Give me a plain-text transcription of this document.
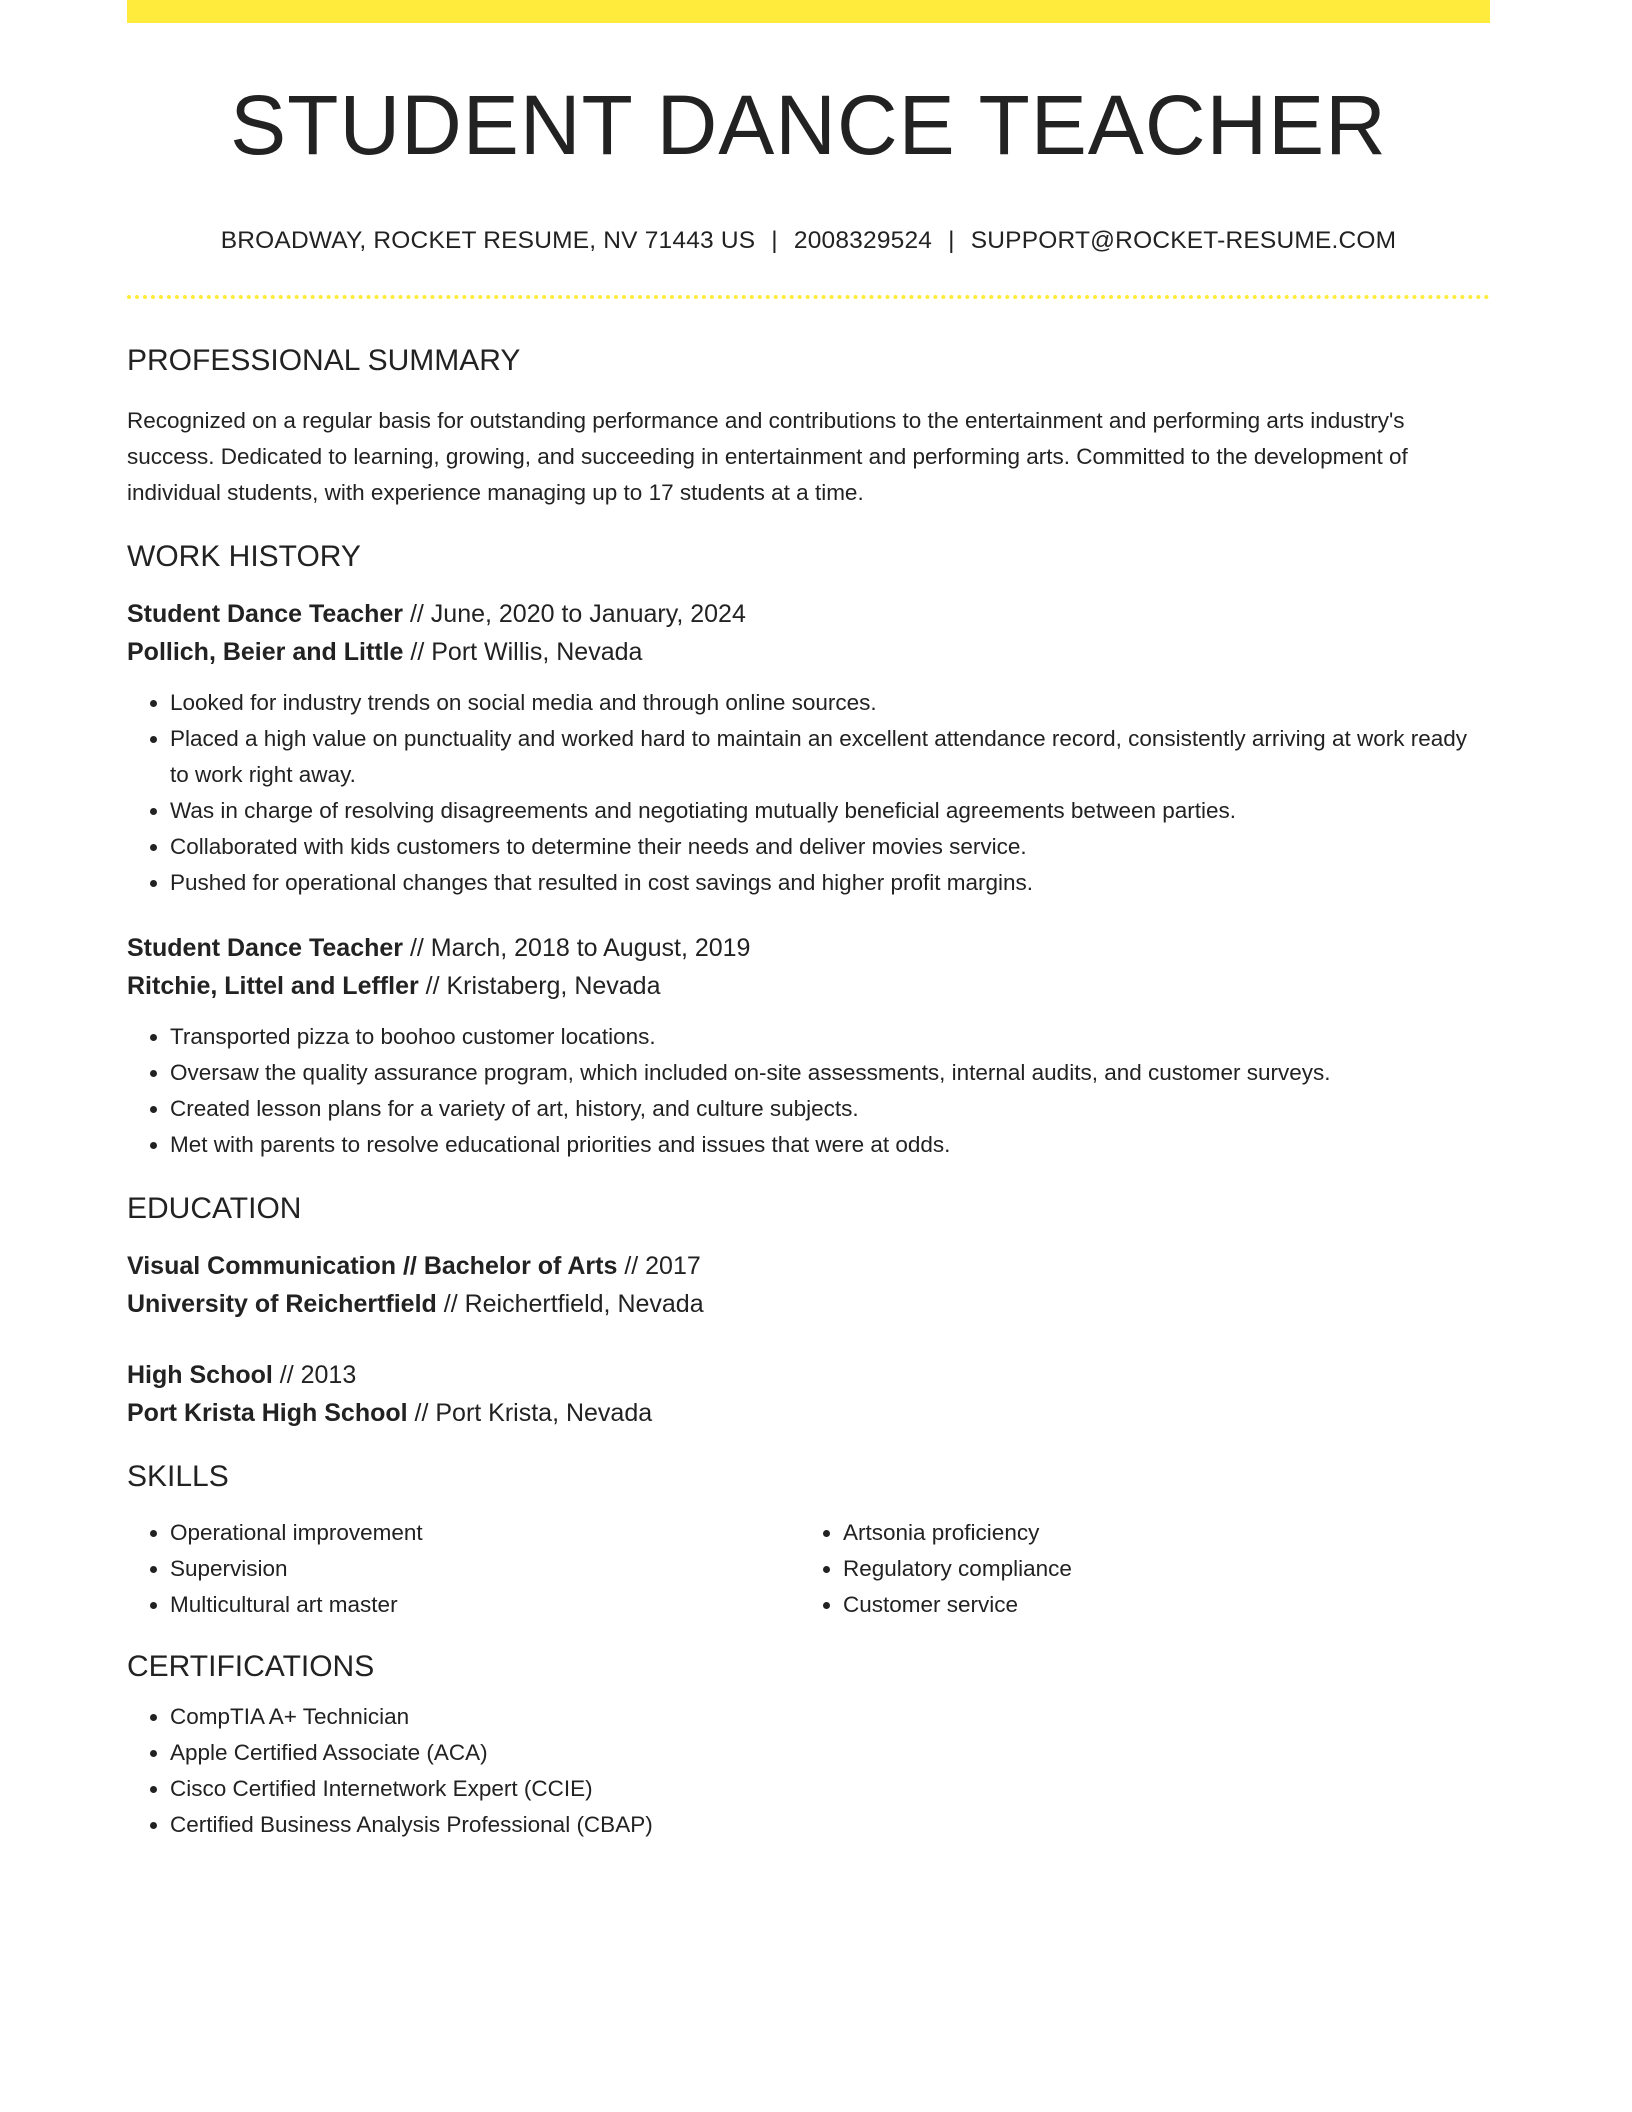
STUDENT DANCE TEACHER
BROADWAY, ROCKET RESUME, NV 71443 US | 2008329524 | SUPPORT@ROCKET-RESUME.COM
PROFESSIONAL SUMMARY
Recognized on a regular basis for outstanding performance and contributions to the entertainment and performing arts industry's success. Dedicated to learning, growing, and succeeding in entertainment and performing arts. Committed to the development of individual students, with experience managing up to 17 students at a time.
WORK HISTORY
Student Dance Teacher // June, 2020 to January, 2024
Pollich, Beier and Little // Port Willis, Nevada
• Looked for industry trends on social media and through online sources.
• Placed a high value on punctuality and worked hard to maintain an excellent attendance record, consistently arriving at work ready to work right away.
• Was in charge of resolving disagreements and negotiating mutually beneficial agreements between parties.
• Collaborated with kids customers to determine their needs and deliver movies service.
• Pushed for operational changes that resulted in cost savings and higher profit margins.
Student Dance Teacher // March, 2018 to August, 2019
Ritchie, Littel and Leffler // Kristaberg, Nevada
• Transported pizza to boohoo customer locations.
• Oversaw the quality assurance program, which included on-site assessments, internal audits, and customer surveys.
• Created lesson plans for a variety of art, history, and culture subjects.
• Met with parents to resolve educational priorities and issues that were at odds.
EDUCATION
Visual Communication // Bachelor of Arts // 2017
University of Reichertfield // Reichertfield, Nevada
High School // 2013
Port Krista High School // Port Krista, Nevada
SKILLS
• Operational improvement
• Supervision
• Multicultural art master
• Artsonia proficiency
• Regulatory compliance
• Customer service
CERTIFICATIONS
• CompTIA A+ Technician
• Apple Certified Associate (ACA)
• Cisco Certified Internetwork Expert (CCIE)
• Certified Business Analysis Professional (CBAP)
